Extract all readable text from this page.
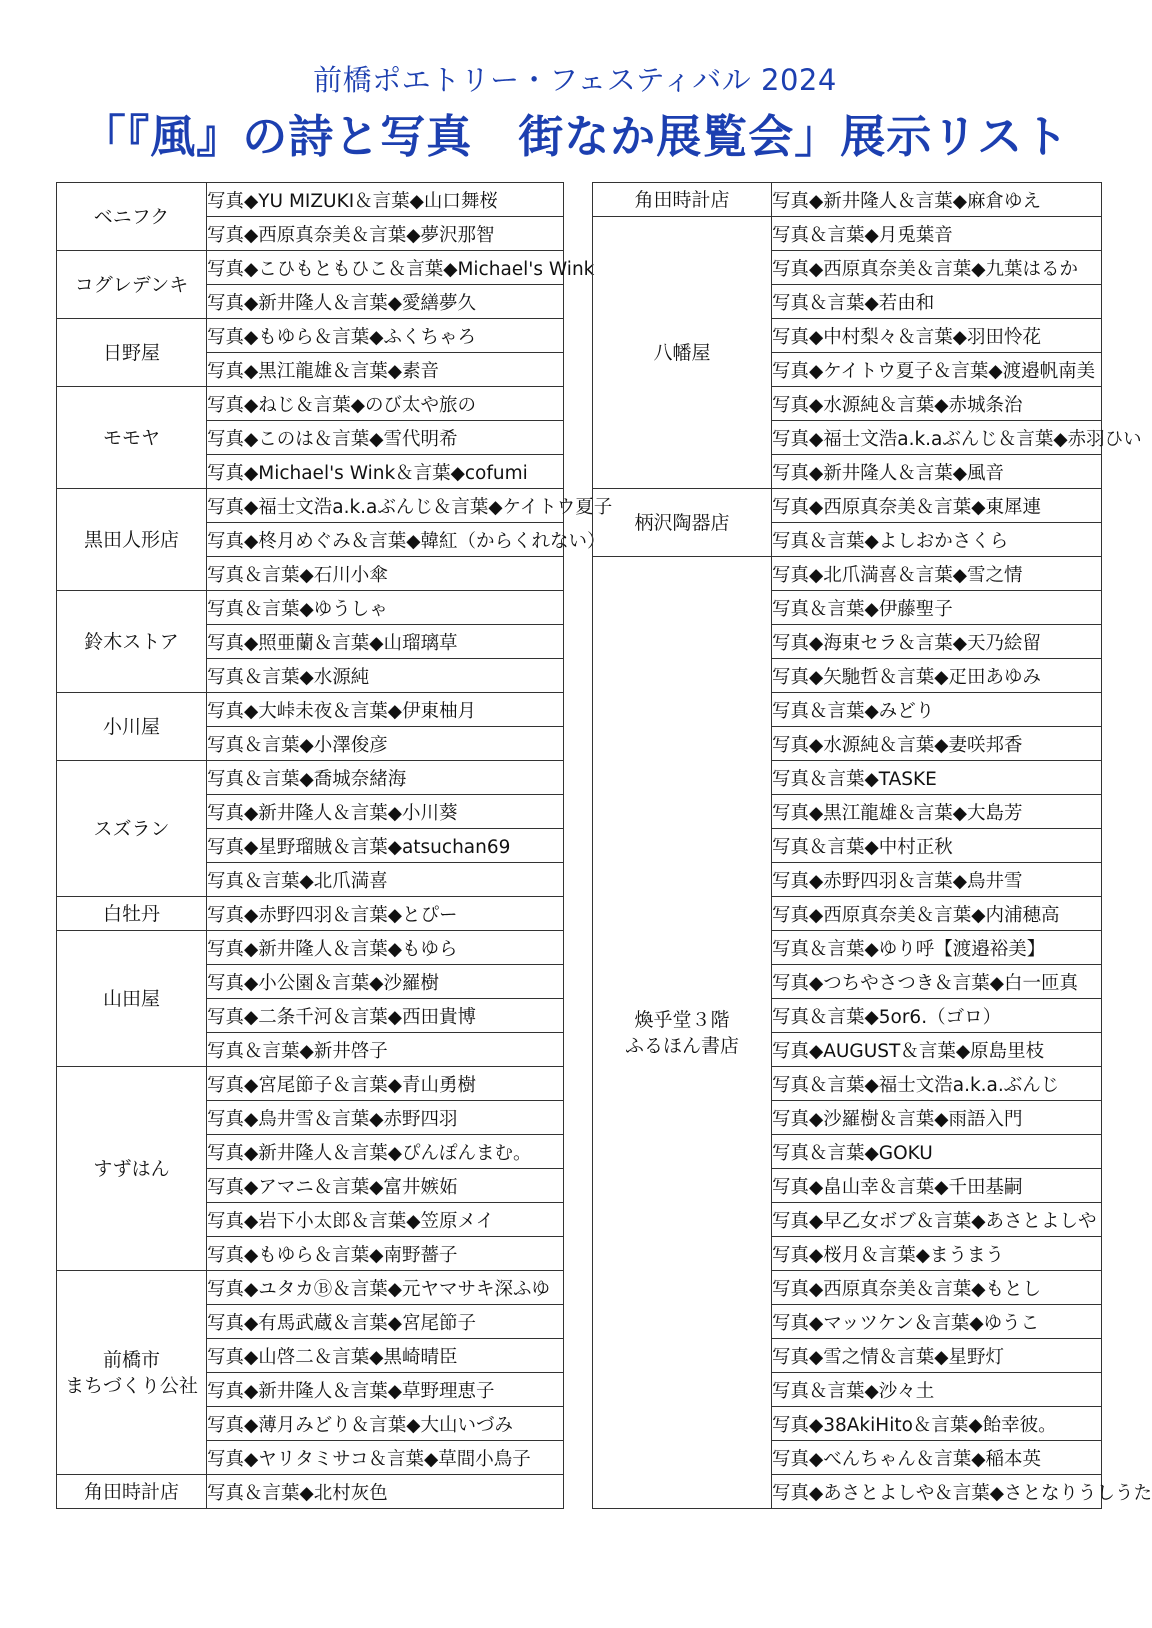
前橋ポエトリー・フェスティバル 2024
「『風』の詩と写真　街なか展覧会」展示リスト
ベニフク	写真◆YU MIZUKI＆言葉◆山口舞桜
	写真◆西原真奈美＆言葉◆夢沢那智
コグレデンキ	写真◆こひもともひこ＆言葉◆Michael's Wink
	写真◆新井隆人＆言葉◆愛繕夢久
日野屋	写真◆もゆら＆言葉◆ふくちゃろ
	写真◆黒江龍雄＆言葉◆素音
モモヤ	写真◆ねじ＆言葉◆のび太や旅の
	写真◆このは＆言葉◆雪代明希
	写真◆Michael's Wink＆言葉◆cofumi
黒田人形店	写真◆福士文浩a.k.aぶんじ＆言葉◆ケイトウ夏子
	写真◆柊月めぐみ＆言葉◆韓紅（からくれない）
	写真＆言葉◆石川小傘
鈴木ストア	写真＆言葉◆ゆうしゃ
	写真◆照亜蘭＆言葉◆山瑠璃草
	写真＆言葉◆水源純
小川屋	写真◆大峠未夜＆言葉◆伊東柚月
	写真＆言葉◆小澤俊彦
スズラン	写真＆言葉◆喬城奈緒海
	写真◆新井隆人＆言葉◆小川葵
	写真◆星野瑠賊＆言葉◆atsuchan69
	写真＆言葉◆北爪満喜
白牡丹	写真◆赤野四羽＆言葉◆とぴー
山田屋	写真◆新井隆人＆言葉◆もゆら
	写真◆小公園＆言葉◆沙羅樹
	写真◆二条千河＆言葉◆西田貴博
	写真＆言葉◆新井啓子
すずはん	写真◆宮尾節子＆言葉◆青山勇樹
	写真◆鳥井雪＆言葉◆赤野四羽
	写真◆新井隆人＆言葉◆ぴんぽんまむ。
	写真◆アマニ＆言葉◆富井嫉妬
	写真◆岩下小太郎＆言葉◆笠原メイ
	写真◆もゆら＆言葉◆南野薔子
前橋市
まちづくり公社	写真◆ユタカⒷ＆言葉◆元ヤマサキ深ふゆ
	写真◆有馬武蔵＆言葉◆宮尾節子
	写真◆山啓二＆言葉◆黒崎晴臣
	写真◆新井隆人＆言葉◆草野理恵子
	写真◆薄月みどり＆言葉◆大山いづみ
	写真◆ヤリタミサコ＆言葉◆草間小鳥子
角田時計店	写真＆言葉◆北村灰色
角田時計店	写真◆新井隆人＆言葉◆麻倉ゆえ
八幡屋	写真＆言葉◆月兎葉音
	写真◆西原真奈美＆言葉◆九葉はるか
	写真＆言葉◆若由和
	写真◆中村梨々＆言葉◆羽田怜花
	写真◆ケイトウ夏子＆言葉◆渡邉帆南美
	写真◆水源純＆言葉◆赤城条治
	写真◆福士文浩a.k.aぶんじ＆言葉◆赤羽ひい
	写真◆新井隆人＆言葉◆風音
柄沢陶器店	写真◆西原真奈美＆言葉◆東犀連
	写真＆言葉◆よしおかさくら
煥乎堂３階
ふるほん書店	写真◆北爪満喜＆言葉◆雪之情
	写真＆言葉◆伊藤聖子
	写真◆海東セラ＆言葉◆天乃絵留
	写真◆矢馳哲＆言葉◆疋田あゆみ
	写真＆言葉◆みどり
	写真◆水源純＆言葉◆妻咲邦香
	写真＆言葉◆TASKE
	写真◆黒江龍雄＆言葉◆大島芳
	写真＆言葉◆中村正秋
	写真◆赤野四羽＆言葉◆鳥井雪
	写真◆西原真奈美＆言葉◆内浦穂高
	写真＆言葉◆ゆり呼【渡邉裕美】
	写真◆つちやさつき＆言葉◆白一匝真
	写真＆言葉◆5or6.（ゴロ）
	写真◆AUGUST＆言葉◆原島里枝
	写真＆言葉◆福士文浩a.k.a.ぶんじ
	写真◆沙羅樹＆言葉◆雨語入門
	写真＆言葉◆GOKU
	写真◆畠山幸＆言葉◆千田基嗣
	写真◆早乙女ボブ＆言葉◆あさとよしや
	写真◆桜月＆言葉◆まうまう
	写真◆西原真奈美＆言葉◆もとし
	写真◆マッツケン＆言葉◆ゆうこ
	写真◆雪之情＆言葉◆星野灯
	写真＆言葉◆沙々土
	写真◆38AkiHito＆言葉◆飴幸彼。
	写真◆べんちゃん＆言葉◆稲本英
	写真◆あさとよしや＆言葉◆さとなりうしうた
